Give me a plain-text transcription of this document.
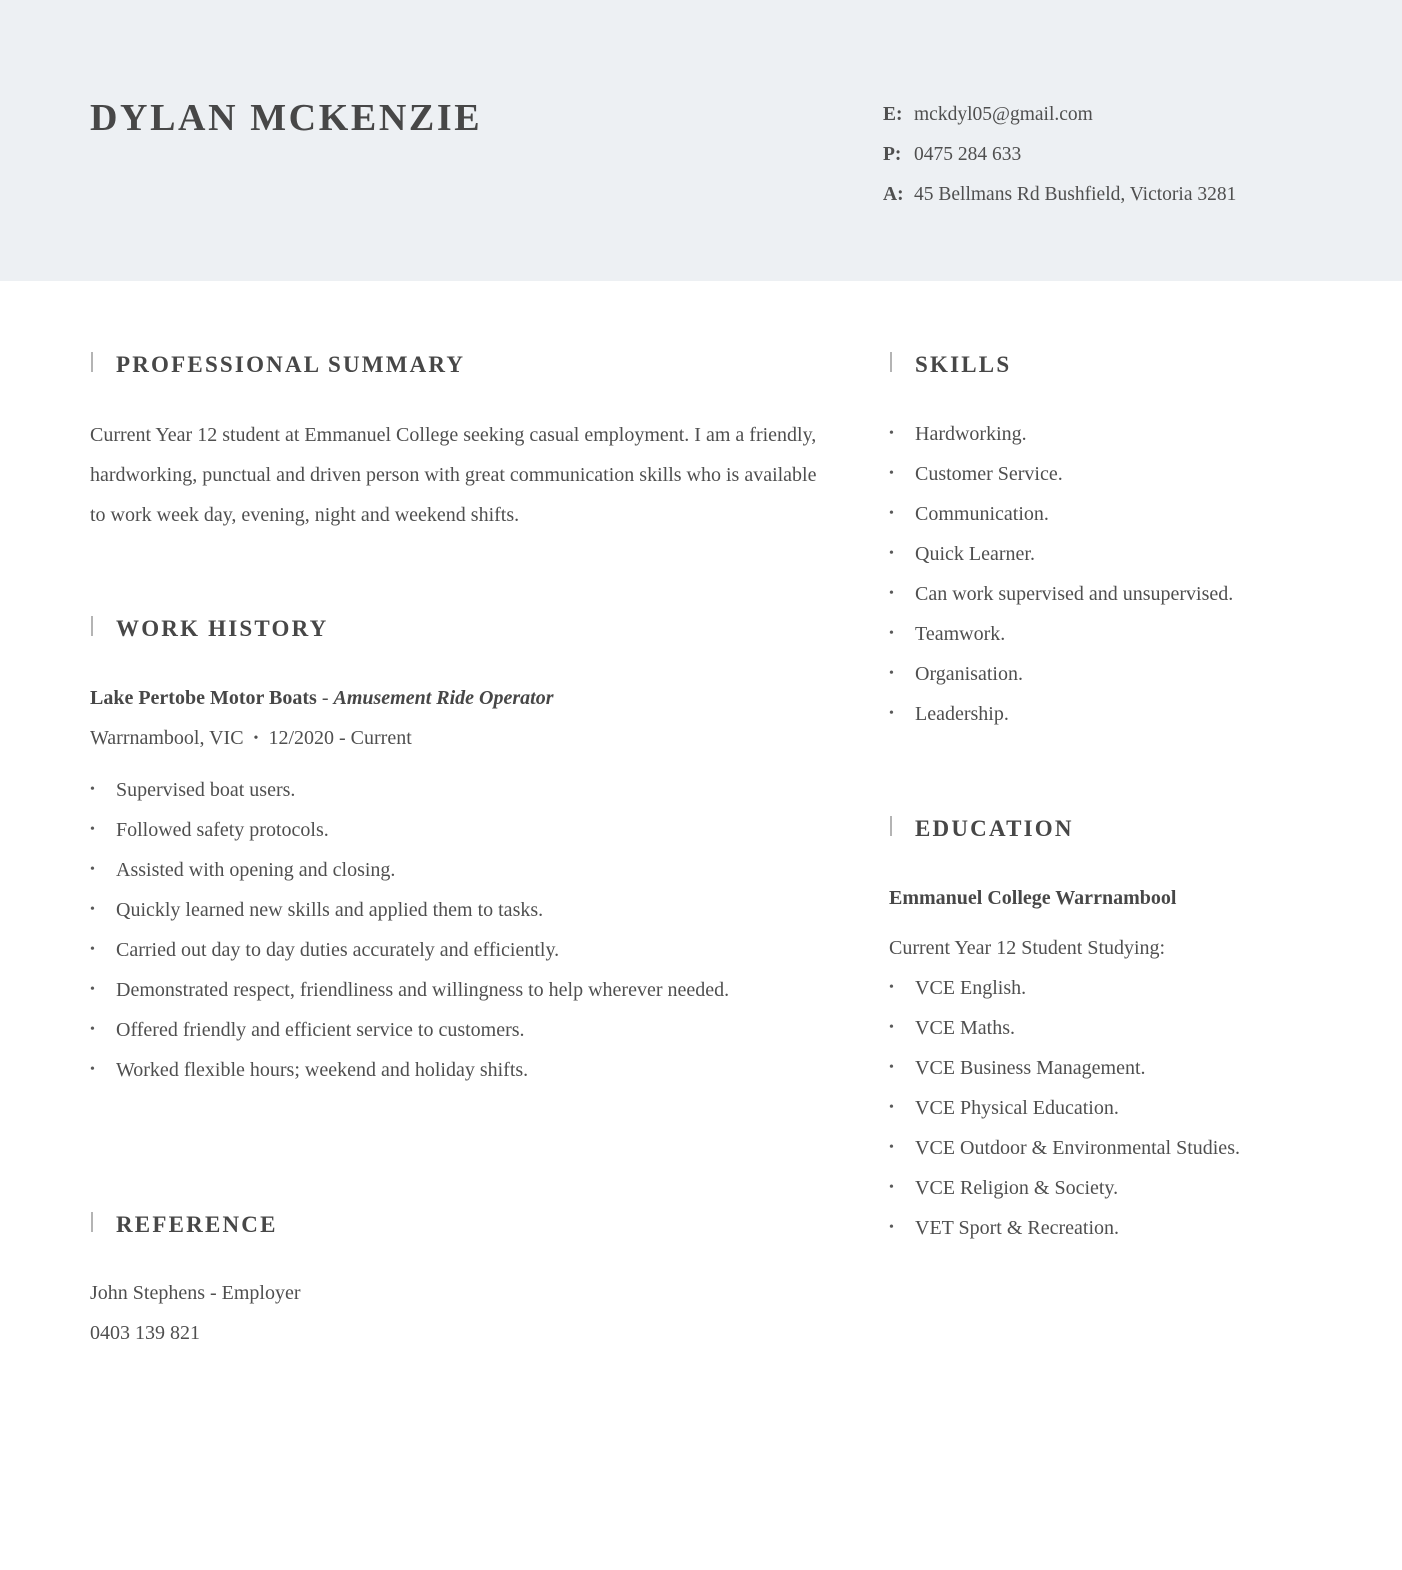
DYLAN MCKENZIE	E: mckdyl05@gmail.com
P: 0475 284 633
A: 45 Bellmans Rd Bushfield, Victoria 3281
PROFESSIONAL SUMMARY

Current Year 12 student at Emmanuel College seeking casual employment. I am a friendly, hardworking, punctual and driven person with great communication skills who is available to work week day, evening, night and weekend shifts.

WORK HISTORY
Lake Pertobe Motor Boats - Amusement Ride Operator
Warrnambool, VIC • 12/2020 - Current
• Supervised boat users.
• Followed safety protocols.
• Assisted with opening and closing.
• Quickly learned new skills and applied them to tasks.
• Carried out day to day duties accurately and efficiently.
• Demonstrated respect, friendliness and willingness to help wherever needed.
• Offered friendly and efficient service to customers.
• Worked flexible hours; weekend and holiday shifts.
REFERENCE
John Stephens - Employer
0403 139 821
SKILLS
• Hardworking.
• Customer Service.
• Communication.
• Quick Learner.
• Can work supervised and unsupervised.
• Teamwork.
• Organisation.
• Leadership.
EDUCATION
Emmanuel College Warrnambool
Current Year 12 Student Studying:
• VCE English.
• VCE Maths.
• VCE Business Management.
• VCE Physical Education.
• VCE Outdoor & Environmental Studies.
• VCE Religion & Society.
• VET Sport & Recreation.
